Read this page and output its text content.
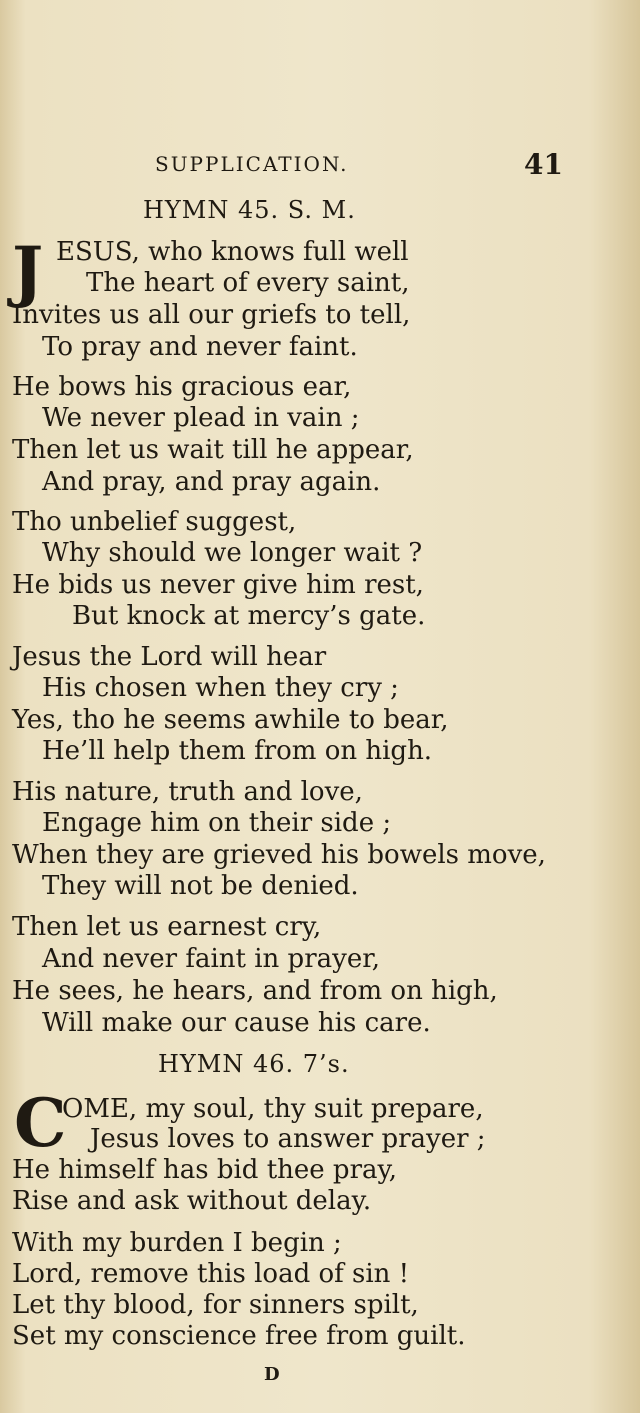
SUPPLICATION.	41
HYMN 45. S. M.
J ESUS, who knows full well
The heart of every saint,
Invites us all our griefs to tell,
To pray and never faint.
He bows his gracious ear,
We never plead in vain ;
Then let us wait till he appear,
And pray, and pray again.
Tho unbelief suggest,
Why should we longer wait ?
He bids us never give him rest,
But knock at mercy’s gate.
Jesus the Lord will hear
His chosen when they cry ;
Yes, tho he seems awhile to bear,
He’ll help them from on high.
His nature, truth and love,
Engage him on their side ;
When they are grieved his bowels move,
They will not be denied.
Then let us earnest cry,
And never faint in prayer,
He sees, he hears, and from on high,
Will make our cause his care.
HYMN 46. 7’s.
C
OME, my soul, thy suit prepare,
Jesus loves to answer prayer ;
He himself has bid thee pray,
Rise and ask without delay.
With my burden I begin ;
Lord, remove this load of sin !
Let thy blood, for sinners spilt,
Set my conscience free from guilt.
D
